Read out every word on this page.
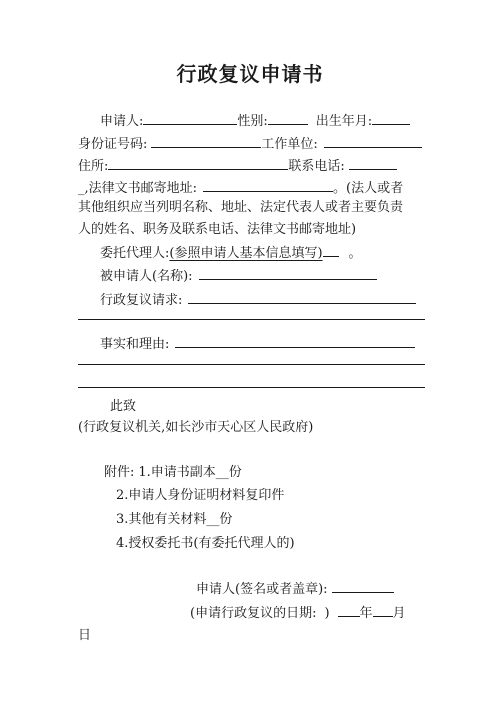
行政复议申请书
申请人:	性别:	出生年月:
身份证号码:	工作单位:
住所:	联系电话:
_,法律文书邮寄地址:	。(法人或者
其他组织应当列明名称、地址、法定代表人或者主要负责
人的姓名、职务及联系电话、法律文书邮寄地址)
委托代理人:(参照申请人基本信息填写) 。
被申请人(名称):
行政复议请求:
事实和理由:
此致
(行政复议机关,如长沙市天心区人民政府)
附件: 1.申请书副本__份
2.申请人身份证明材料复印件
3.其他有关材料__份
4.授权委托书(有委托代理人的)
申请人(签名或者盖章):
(申请行政复议的日期: ) 年 月
日
